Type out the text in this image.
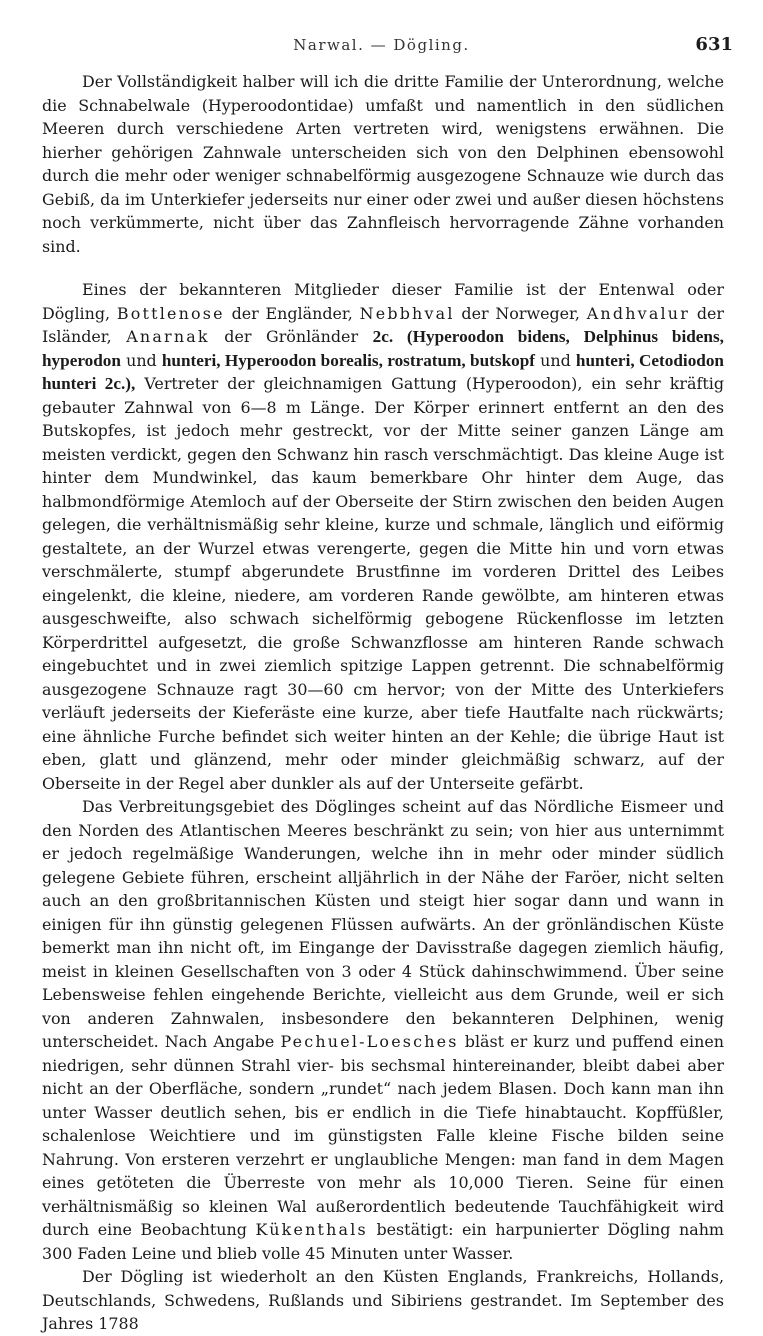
Narwal. — Dögling.	631

Der Vollständigkeit halber will ich die dritte Familie der Unterordnung, welche die Schnabelwale (Hyperoodontidae) umfaßt und namentlich in den südlichen Meeren durch verschiedene Arten vertreten wird, wenigstens erwähnen. Die hierher gehörigen Zahnwale unterscheiden sich von den Delphinen ebensowohl durch die mehr oder weniger schnabelförmig ausgezogene Schnauze wie durch das Gebiß, da im Unterkiefer jederseits nur einer oder zwei und außer diesen höchstens noch verkümmerte, nicht über das Zahnfleisch hervorragende Zähne vorhanden sind.

Eines der bekannteren Mitglieder dieser Familie ist der Entenwal oder Dögling, Bottlenose der Engländer, Nebbhval der Norweger, Andhvalur der Isländer, Anarnak der Grönländer 2c. (Hyperoodon bidens, Delphinus bidens, hyperodon und hunteri, Hyperoodon borealis, rostratum, butskopf und hunteri, Cetodiodon hunteri 2c.), Vertreter der gleichnamigen Gattung (Hyperoodon), ein sehr kräftig gebauter Zahnwal von 6—8 m Länge. Der Körper erinnert entfernt an den des Butskopfes, ist jedoch mehr gestreckt, vor der Mitte seiner ganzen Länge am meisten verdickt, gegen den Schwanz hin rasch verschmächtigt. Das kleine Auge ist hinter dem Mundwinkel, das kaum bemerkbare Ohr hinter dem Auge, das halbmondförmige Atemloch auf der Oberseite der Stirn zwischen den beiden Augen gelegen, die verhältnismäßig sehr kleine, kurze und schmale, länglich und eiförmig gestaltete, an der Wurzel etwas verengerte, gegen die Mitte hin und vorn etwas verschmälerte, stumpf abgerundete Brustfinne im vorderen Drittel des Leibes eingelenkt, die kleine, niedere, am vorderen Rande gewölbte, am hinteren etwas ausgeschweifte, also schwach sichelförmig gebogene Rückenflosse im letzten Körperdrittel aufgesetzt, die große Schwanzflosse am hinteren Rande schwach eingebuchtet und in zwei ziemlich spitzige Lappen getrennt. Die schnabelförmig ausgezogene Schnauze ragt 30—60 cm hervor; von der Mitte des Unterkiefers verläuft jederseits der Kieferäste eine kurze, aber tiefe Hautfalte nach rückwärts; eine ähnliche Furche befindet sich weiter hinten an der Kehle; die übrige Haut ist eben, glatt und glänzend, mehr oder minder gleichmäßig schwarz, auf der Oberseite in der Regel aber dunkler als auf der Unterseite gefärbt.

Das Verbreitungsgebiet des Döglinges scheint auf das Nördliche Eismeer und den Norden des Atlantischen Meeres beschränkt zu sein; von hier aus unternimmt er jedoch regelmäßige Wanderungen, welche ihn in mehr oder minder südlich gelegene Gebiete führen, erscheint alljährlich in der Nähe der Faröer, nicht selten auch an den großbritannischen Küsten und steigt hier sogar dann und wann in einigen für ihn günstig gelegenen Flüssen aufwärts. An der grönländischen Küste bemerkt man ihn nicht oft, im Eingange der Davisstraße dagegen ziemlich häufig, meist in kleinen Gesellschaften von 3 oder 4 Stück dahinschwimmend. Über seine Lebensweise fehlen eingehende Berichte, vielleicht aus dem Grunde, weil er sich von anderen Zahnwalen, insbesondere den bekannteren Delphinen, wenig unterscheidet. Nach Angabe Pechuel-Loesches bläst er kurz und puffend einen niedrigen, sehr dünnen Strahl vier- bis sechsmal hintereinander, bleibt dabei aber nicht an der Oberfläche, sondern „rundet“ nach jedem Blasen. Doch kann man ihn unter Wasser deutlich sehen, bis er endlich in die Tiefe hinabtaucht. Kopffüßler, schalenlose Weichtiere und im günstigsten Falle kleine Fische bilden seine Nahrung. Von ersteren verzehrt er unglaubliche Mengen: man fand in dem Magen eines getöteten die Überreste von mehr als 10,000 Tieren. Seine für einen verhältnismäßig so kleinen Wal außerordentlich bedeutende Tauchfähigkeit wird durch eine Beobachtung Kükenthals bestätigt: ein harpunierter Dögling nahm 300 Faden Leine und blieb volle 45 Minuten unter Wasser.

Der Dögling ist wiederholt an den Küsten Englands, Frankreichs, Hollands, Deutschlands, Schwedens, Rußlands und Sibiriens gestrandet. Im September des Jahres 1788
